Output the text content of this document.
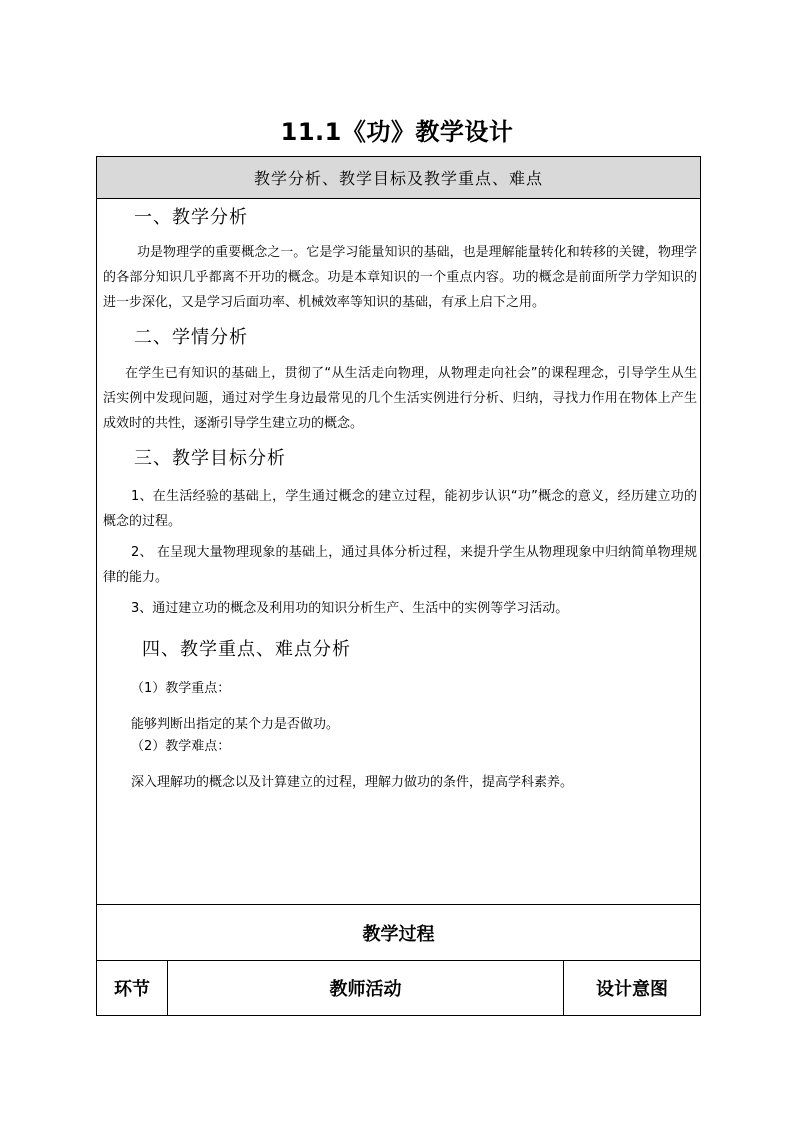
11.1《功》教学设计
教学分析、教学目标及教学重点、难点
一、教学分析
功是物理学的重要概念之一。它是学习能量知识的基础，也是理解能量转化和转移的关键，物理学的各部分知识几乎都离不开功的概念。功是本章知识的一个重点内容。功的概念是前面所学力学知识的进一步深化，又是学习后面功率、机械效率等知识的基础，有承上启下之用。
二、学情分析
在学生已有知识的基础上，贯彻了“从生活走向物理，从物理走向社会”的课程理念，引导学生从生活实例中发现问题，通过对学生身边最常见的几个生活实例进行分析、归纳，寻找力作用在物体上产生成效时的共性，逐渐引导学生建立功的概念。
三、教学目标分析
1、在生活经验的基础上，学生通过概念的建立过程，能初步认识“功”概念的意义，经历建立功的概念的过程。
2、 在呈现大量物理现象的基础上，通过具体分析过程，来提升学生从物理现象中归纳简单物理规律的能力。
3、通过建立功的概念及利用功的知识分析生产、生活中的实例等学习活动。
四、教学重点、难点分析
（1）教学重点：
能够判断出指定的某个力是否做功。
（2）教学难点：
深入理解功的概念以及计算建立的过程，理解力做功的条件，提高学科素养。
教学过程
环节	教师活动	设计意图
